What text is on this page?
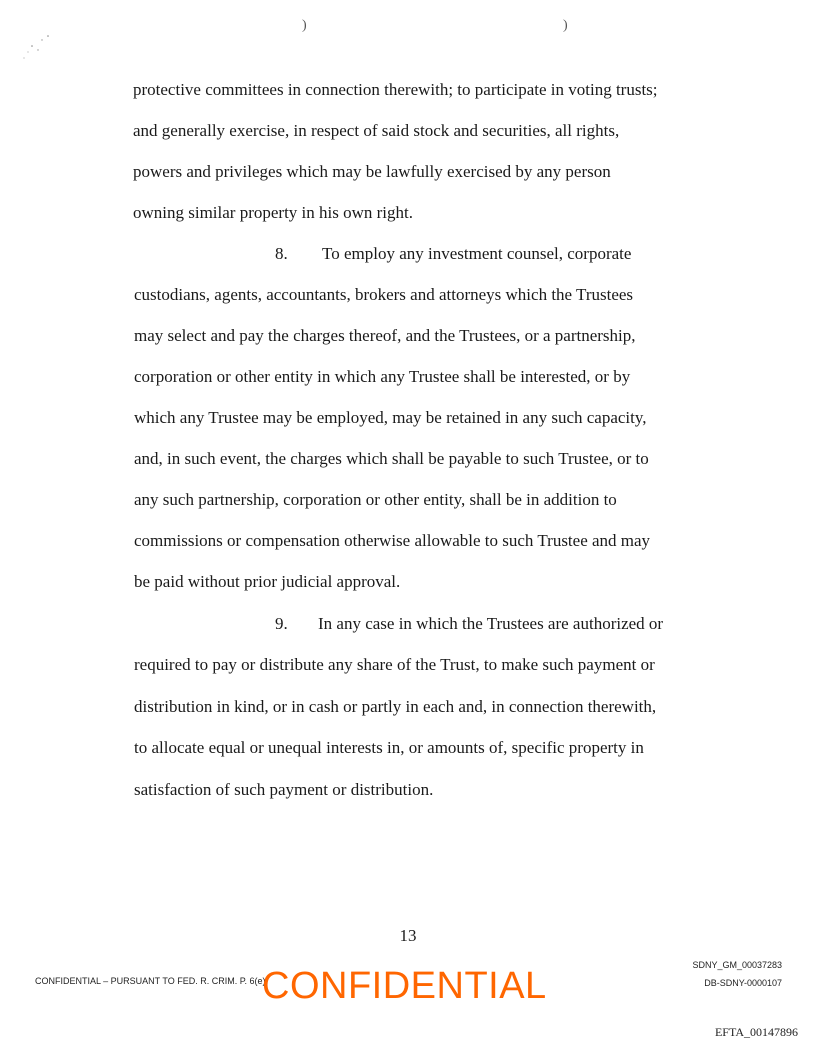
)	)
protective committees in connection therewith; to participate in voting trusts;
and generally exercise, in respect of said stock and securities, all rights,
powers and privileges which may be lawfully exercised by any person
owning similar property in his own right.
8. To employ any investment counsel, corporate
custodians, agents, accountants, brokers and attorneys which the Trustees
may select and pay the charges thereof, and the Trustees, or a partnership,
corporation or other entity in which any Trustee shall be interested, or by
which any Trustee may be employed, may be retained in any such capacity,
and, in such event, the charges which shall be payable to such Trustee, or to
any such partnership, corporation or other entity, shall be in addition to
commissions or compensation otherwise allowable to such Trustee and may
be paid without prior judicial approval.
9. In any case in which the Trustees are authorized or
required to pay or distribute any share of the Trust, to make such payment or
distribution in kind, or in cash or partly in each and, in connection therewith,
to allocate equal or unequal interests in, or amounts of, specific property in
satisfaction of such payment or distribution.
13
CONFIDENTIAL – PURSUANT TO FED. R. CRIM. P. 6(e)
CONFIDENTIAL	SDNY_GM_00037283
DB-SDNY-0000107
EFTA_00147896
